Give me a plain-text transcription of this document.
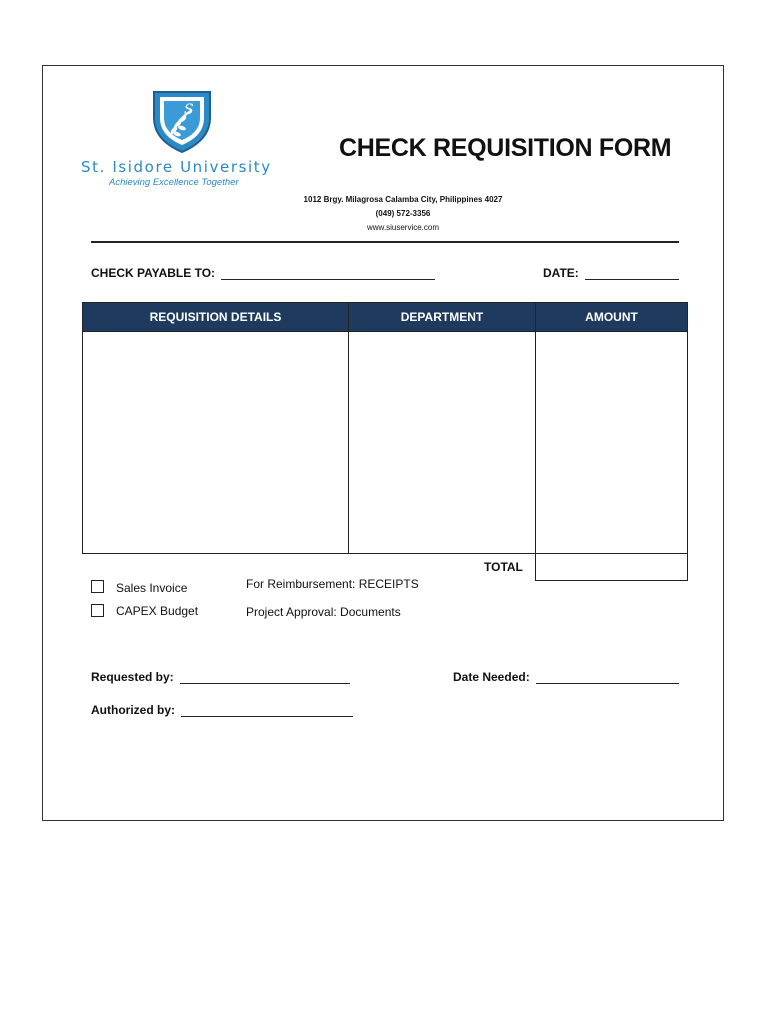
S
St. Isidore University
Achieving Excellence Together
CHECK REQUISITION FORM
1012 Brgy. Milagrosa Calamba City, Philippines 4027
(049) 572-3356
www.siuservice.com
CHECK PAYABLE TO:	DATE:
REQUISITION DETAILS	DEPARTMENT	AMOUNT

TOTAL
Sales Invoice	For Reimbursement: RECEIPTS
CAPEX Budget	Project Approval: Documents
Requested by:	Date Needed:
Authorized by:
